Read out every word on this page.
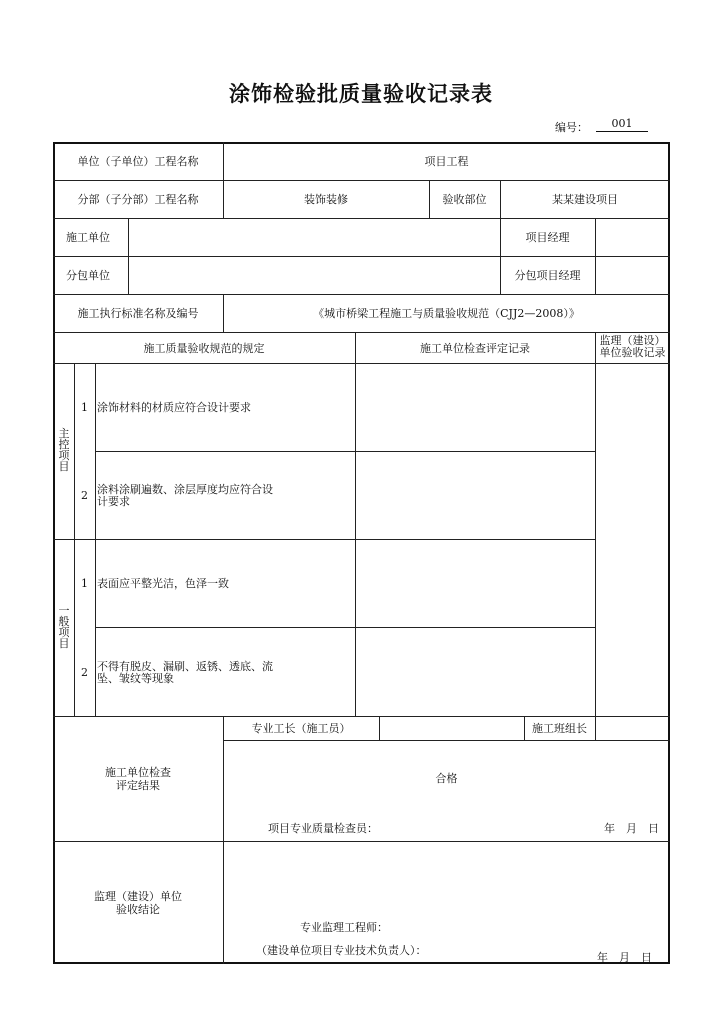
涂饰检验批质量验收记录表
编号：	001
单位（子单位）工程名称	项目工程
分部（子分部）工程名称	装饰装修	验收部位	某某建设项目
施工单位	项目经理
分包单位	分包项目经理
施工执行标准名称及编号	《城市桥梁工程施工与质量验收规范（CJJ2—2008）》
施工质量验收规范的规定	施工单位检查评定记录
监理（建设）
单位验收记录
主控项目
1 涂饰材料的材质应符合设计要求
2 涂料涂刷遍数、涂层厚度均应符合设
计要求
一般项目
1 表面应平整光洁，色泽一致
2 不得有脱皮、漏刷、返锈、透底、流
坠、皱纹等现象
施工单位检查
评定结果
专业工长（施工员）	施工班组长
合格
项目专业质量检查员：	年　月　日
监理（建设）单位
验收结论
专业监理工程师：
（建设单位项目专业技术负责人）：
年　月　日
